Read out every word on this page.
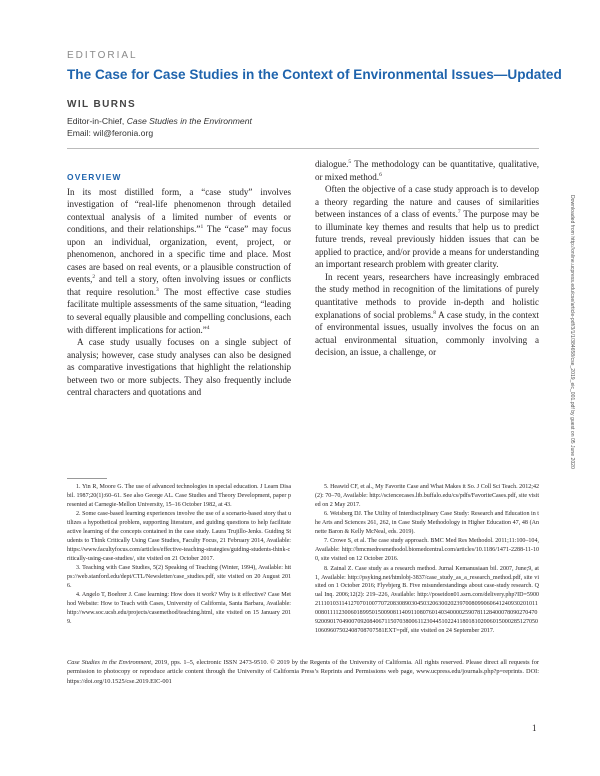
EDITORIAL
The Case for Case Studies in the Context of Environmental Issues—Updated
WIL BURNS
Editor-in-Chief, Case Studies in the Environment
Email: wil@feronia.org
OVERVIEW

In its most distilled form, a “case study” involves investigation of “real-life phenomenon through detailed contextual analysis of a limited number of events or conditions, and their relationships.”$^1$ The “case” may focus upon an individual, organization, event, project, or phenomenon, anchored in a specific time and place. Most cases are based on real events, or a plausible construction of events,$^2$ and tell a story, often involving issues or conflicts that require resolution.$^3$ The most effective case studies facilitate multiple assessments of the same situation, “leading to several equally plausible and compelling conclusions, each with different implications for action.”$^4$

A case study usually focuses on a single subject of analysis; however, case study analyses can also be designed as comparative investigations that highlight the relationship between two or more subjects. They also frequently include central characters and quotations and

dialogue.$^5$ The methodology can be quantitative, qualitative, or mixed method.$^6$

Often the objective of a case study approach is to develop a theory regarding the nature and causes of similarities between instances of a class of events.$^7$ The purpose may be to illuminate key themes and results that help us to predict future trends, reveal previously hidden issues that can be applied to practice, and/or provide a means for understanding an important research problem with greater clarity.

In recent years, researchers have increasingly embraced the study method in recognition of the limitations of purely quantitative methods to provide in-depth and holistic explanations of social problems.$^8$ A case study, in the context of environmental issues, usually involves the focus on an actual environmental situation, commonly involving a decision, an issue, a challenge, or

1. Yin R, Moore G. The use of advanced technologies in special education. J Learn Disabil. 1987;20(1):60–61. See also George AL. Case Studies and Theory Development, paper presented at Carnegie-Mellon University, 15–16 October 1982, at 43.

2. Some case-based learning experiences involve the use of a scenario-based story that utilizes a hypothetical problem, supporting literature, and guiding questions to help facilitate active learning of the concepts contained in the case study. Laura Trujillo-Jenks. Guiding Students to Think Critically Using Case Studies, Faculty Focus, 21 February 2014, Available: https://www.facultyfocus.com/articles/effective-teaching-strategies/guiding-students-think-critically-using-case-studies/, site visited on 21 October 2017.

3. Teaching with Case Studies, 5(2) Speaking of Teaching (Winter, 1994), Available: https://web.stanford.edu/dept/CTL/Newsletter/case_studies.pdf, site visited on 20 August 2016.

4. Angelo T, Boehrer J. Case learning: How does it work? Why is it effective? Case Method Website: How to Teach with Cases, University of California, Santa Barbara, Available: http://www.soc.ucsb.edu/projects/casemethod/teaching.html, site visited on 15 January 2019.

5. Heawid CF, et al., My Favorite Case and What Makes it So. J Coll Sci Teach. 2012;42(2): 70–70, Available: http://sciencecases.lib.buffalo.edu/cs/pdfs/FavoriteCases.pdf, site visited on 2 May 2017.

6. Weisberg DJ. The Utility of Interdisciplinary Case Study: Research and Education in the Arts and Sciences 261, 262, in Case Study Methodology in Higher Education 47, 48 (Annette Baron & Kelly McNeal, eds. 2019).

7. Crowe S, et al. The case study approach. BMC Med Res Methodol. 2011;11:100–104, Available: http://bmcmedresmethodol.biomedcentral.com/articles/10.1186/1471-2288-11-100, site visited on 12 October 2016.

8. Zainal Z. Case study as a research method. Jurnal Kemanusiaan bil. 2007, June;9, at 1, Available: http://psyking.net/htmlobj-3837/case_study_as_a_research_method.pdf, site visited on 1 October 2016; Flyvbjerg B. Five misunderstandings about case-study research. Qual Inq. 2006;12(2): 219–226, Available: http://poseidon01.ssrn.com/delivery.php?ID=590021110103114127070100770720830890304503206300202397008099060641240930201011008011112300601899501500908114091108076014034000025907811284000780902704709200901704900709208406711507038006112304451022411801810200601500028512705010609607502408708707581EXT=pdf, site visited on 24 September 2017.

Case Studies in the Environment, 2019, pps. 1–5, electronic ISSN 2473-9510. © 2019 by the Regents of the University of California. All rights reserved. Please direct all requests for permission to photocopy or reproduce article content through the University of California Press’s Reprints and Permissions web page, www.ucpress.edu/journals.php?p=reprints. DOI: https://doi.org/10.1525/cse.2019.EIC-001
1
Downloaded from http://online.ucpress.edu/cse/article-pdf/3/1/1/384658/cse_2019_eic_001.pdf by guest on 05 June 2020
